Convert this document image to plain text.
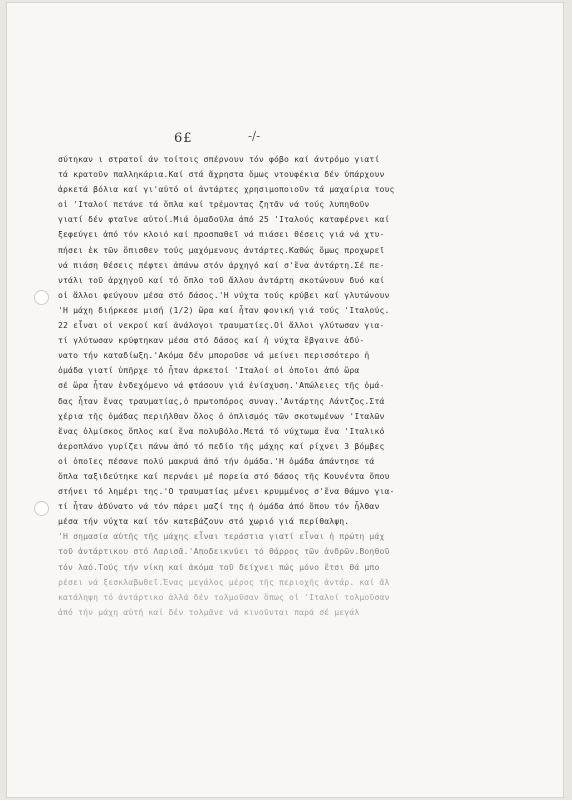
6£	-/-
σύτηκαν ι στρατοί άν τοίτοις σπέρνουν τόν φόβο καί άντρόμο γιατί
τά κρατοῦν παλληκάρια.Καί στά ἄχρηστα ὅμως ντουφέκια δέν ὑπάρχουν
ἀρκετά βόλια καί γι'αὐτό οἱ ἀντάρτες χρησιμοποιοῦν τά μαχαίρια τους
οἱ 'Ιταλοί πετάνε τά ὅπλα καί τρέμοντας ζητᾶν νά τούς λυπηθοῦν
γιατί δέν φταῖνε αὐτοί.Μιά ὁμαδοῦλα ἀπό 25 'Ιταλούς καταφέρνει καί
ξεφεύγει ἀπό τόν κλοιό καί προσπαθεῖ νά πιάσει θέσεις γιά νά χτυ-
πήσει ἐκ τῶν ὄπισθεν τούς μαχόμενους ἀντάρτες.Καθώς ὅμως προχωρεῖ
νά πιάση θέσεις πέφτει ἀπάνω στόν ἀρχηγό καί σ'ἕνα ἀντάρτη.Σέ πε-
ντάλι τοῦ ἀρχηγοῦ καί τό ὅπλο τοῦ ἄλλου ἀντάρτη σκοτώνουν δυό καί
οἱ ἄλλοι φεύγουν μέσα στό δάσος.'Η νύχτα τούς κρύβει καί γλυτώνουν
'Η μάχη διήρκεσε μισή (1/2) ὥρα καί ἦταν φονική γιά τούς 'Ιταλούς.
22 εἶναι οἱ νεκροί καί ἀνάλογοι τραυματίες.Οἱ ἄλλοι γλύτωσαν για-
τί γλύτωσαν κρύφτηκαν μέσα στό δάσος καί ἡ νύχτα ἔβγαινε ἀδύ-
νατο τήν καταδίωξη.'Ακόμα δέν μποροῦσε νά μείνει περισσότερο ἡ
ὁμάδα γιατί ὑπῆρχε τό ἦταν ἀρκετοί 'Ιταλοί οἱ ὁποῖοι ἀπό ὥρα
σέ ὥρα ἦταν ἐνδεχόμενο νά φτάσουν γιά ἐνίσχυση.'Απώλειες τῆς ὁμά-
δας ἦταν ἕνας τραυματίας,ὁ πρωτοπόρος συναγ.'Αντάρτης Λάντζος.Στά
χέρια τῆς ὁμάδας περιῆλθαν ὅλος ὁ ὁπλισμός τῶν σκοτωμένων 'Ιταλῶν
ἕνας ὁλμίσκος ὅπλος καί ἕνα πολυβόλο.Μετά τό νύχτωμα ἕνα 'Ιταλικό
ἀεροπλάνο γυρίζει πάνω ἀπό τό πεδίο τῆς μάχης καί ρίχνει 3 βόμβες
οἱ ὁποῖες πέσανε πολύ μακρυά ἀπό τήν ὁμάδα.'Η ὁμάδα ἀπάντησε τά
ὅπλα ταξιδεύτηκε καί περνάει μέ πορεία στό δάσος τῆς Κουνέντα ὅπου
στήνει τό λημέρι της.'Ο τραυματίας μένει κρυμμένος σ'ἕνα θάμνο για-
τί ἦταν ἀδύνατο νά τόν πάρει μαζί της ἡ ὁμάδα ἀπό ὅπου τόν ἦλθαν
μέσα τήν νύχτα καί τόν κατεβάζουν στό χωριό γιά περίθαλψη.
'Η σημασία αὐτῆς τῆς μάχης εἶναι τεράστια γιατί εἶναι ἡ πρώτη μάχ
τοῦ ἀντάρτικου στό Λαρισᾶ.'Αποδεικνύει τό θάρρος τῶν ἀνδρῶν.Βοηθοῦ
τόν λαό.Τούς τήν νίκη καί ἀκόμα τοῦ δείχνει πώς μόνο ἔτσι θά μπο
ρέσει νά ξεσκλαβωθεῖ.Ένας μεγάλος μέρος τῆς περιοχῆς ἀντάρ. καί ἄλ
κατάληψη τό ἀντάρτικο ἀλλά δέν τολμοῦσαν ὅπως οἱ 'Ιταλοί τολμοῦσαν
ἀπό τήν μάχη αὐτή καί δέν τολμᾶνε νά κινοῦνται παρά σέ μεγάλ
